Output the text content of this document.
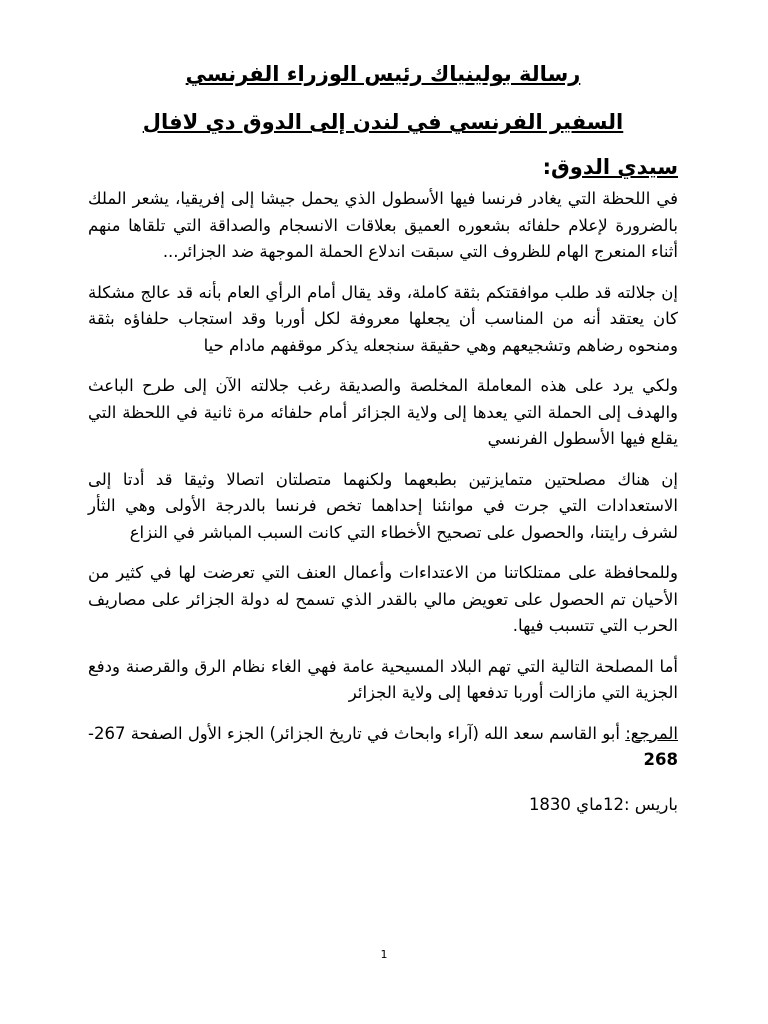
رسالة بولينياك رئيس الوزراء الفرنسي
السفير الفرنسي في لندن إلى الدوق دي لافال
سيدي الدوق:

في اللحظة التي يغادر فرنسا فيها الأسطول الذي يحمل جيشا إلى إفريقيا، يشعر الملك بالضرورة لإعلام حلفائه بشعوره العميق بعلاقات الانسجام والصداقة التي تلقاها منهم أثناء المنعرج الهام للظروف التي سبقت اندلاع الحملة الموجهة ضد الجزائر...

إن جلالته قد طلب موافقتكم بثقة كاملة، وقد يقال أمام الرأي العام بأنه قد عالج مشكلة كان يعتقد أنه من المناسب أن يجعلها معروفة لكل أوربا وقد استجاب حلفاؤه بثقة ومنحوه رضاهم وتشجيعهم وهي حقيقة سنجعله يذكر موقفهم مادام حيا

ولكي يرد على هذه المعاملة المخلصة والصديقة رغب جلالته الآن إلى طرح الباعث والهدف إلى الحملة التي يعدها إلى ولاية الجزائر أمام حلفائه مرة ثانية في اللحظة التي يقلع فيها الأسطول الفرنسي

إن هناك مصلحتين متمايزتين بطبعهما ولكنهما متصلتان اتصالا وثيقا قد أدتا إلى الاستعدادات التي جرت في موانئنا إحداهما تخص فرنسا بالدرجة الأولى وهي الثأر لشرف رايتنا، والحصول على تصحيح الأخطاء التي كانت السبب المباشر في النزاع

وللمحافظة على ممتلكاتنا من الاعتداءات وأعمال العنف التي تعرضت لها في كثير من الأحيان تم الحصول على تعويض مالي بالقدر الذي تسمح له دولة الجزائر على مصاريف الحرب التي تتسبب فيها.

أما المصلحة التالية التي تهم البلاد المسيحية عامة فهي الغاء نظام الرق والقرصنة ودفع الجزية التي مازالت أوربا تدفعها إلى ولاية الجزائر

المرجع: أبو القاسم سعد الله (آراء وابحاث في تاريخ الجزائر) الجزء الأول الصفحة 267-268

باريس :12ماي 1830
1
